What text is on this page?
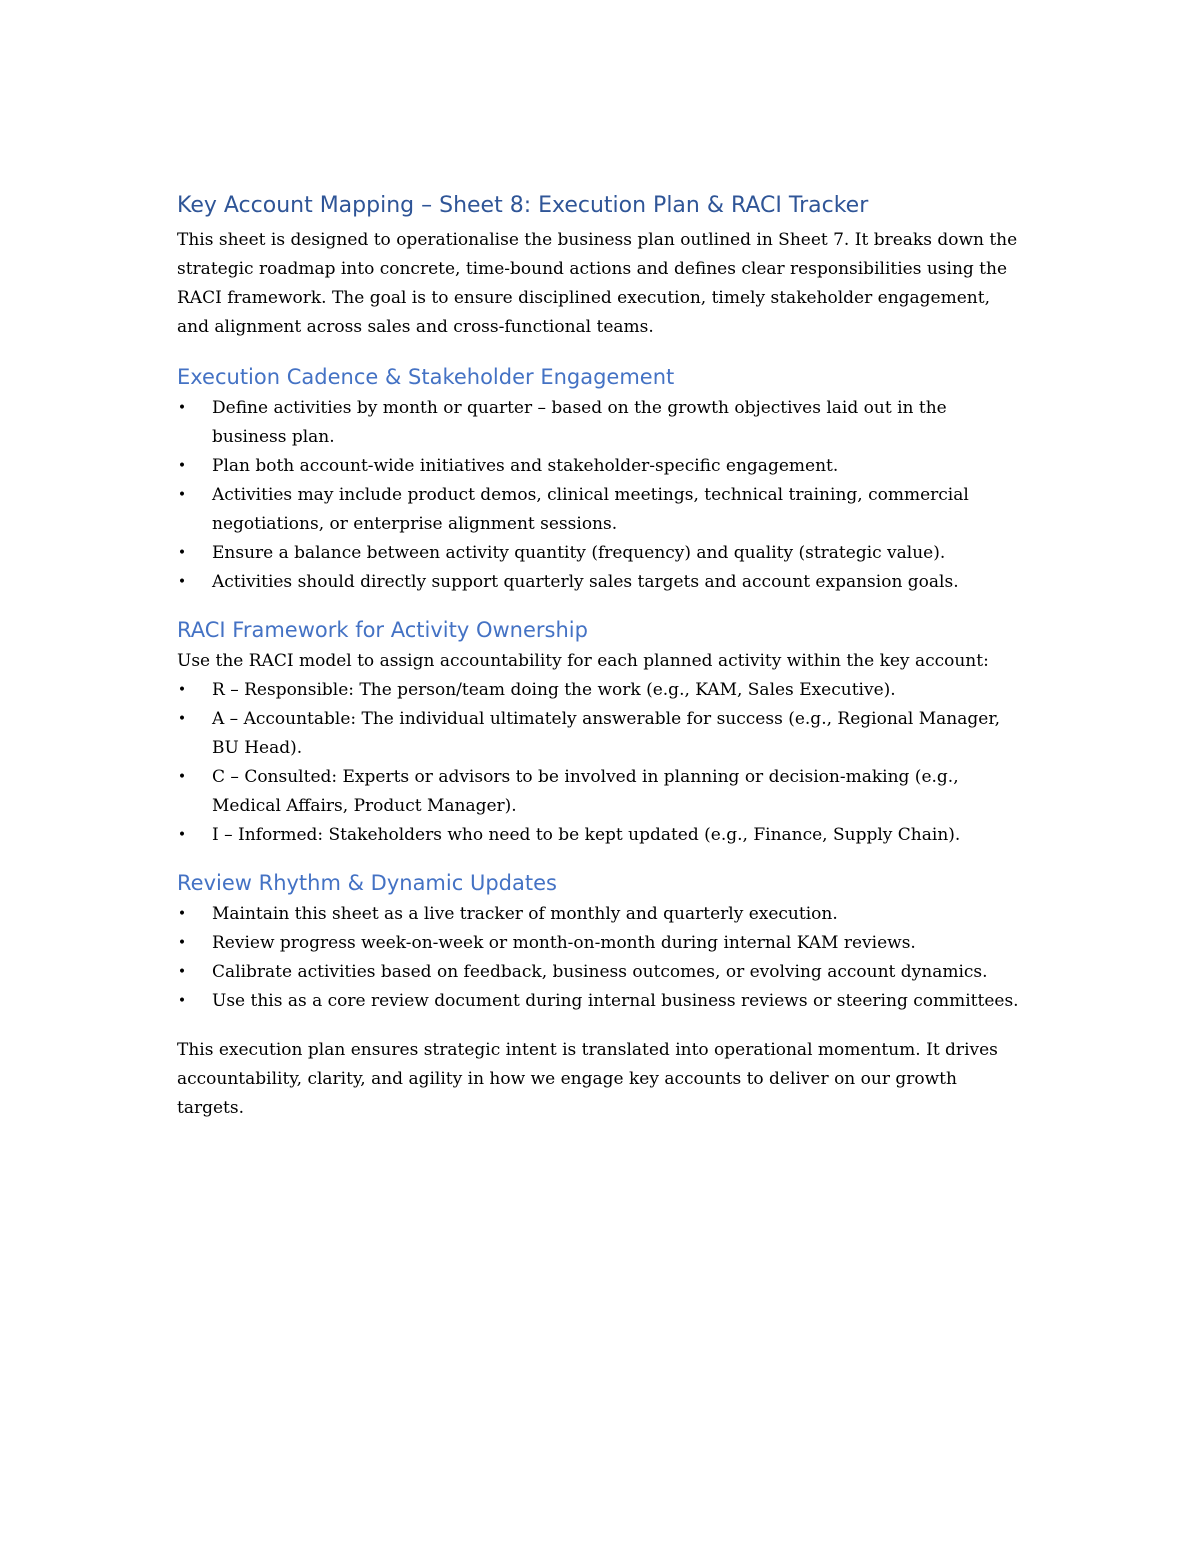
Key Account Mapping – Sheet 8: Execution Plan & RACI Tracker

This sheet is designed to operationalise the business plan outlined in Sheet 7. It breaks down the strategic roadmap into concrete, time-bound actions and defines clear responsibilities using the RACI framework. The goal is to ensure disciplined execution, timely stakeholder engagement, and alignment across sales and cross-functional teams.

Execution Cadence & Stakeholder Engagement
• Define activities by month or quarter – based on the growth objectives laid out in the business plan.
• Plan both account-wide initiatives and stakeholder-specific engagement.
• Activities may include product demos, clinical meetings, technical training, commercial negotiations, or enterprise alignment sessions.
• Ensure a balance between activity quantity (frequency) and quality (strategic value).
• Activities should directly support quarterly sales targets and account expansion goals.
RACI Framework for Activity Ownership

Use the RACI model to assign accountability for each planned activity within the key account:

• R – Responsible: The person/team doing the work (e.g., KAM, Sales Executive).
• A – Accountable: The individual ultimately answerable for success (e.g., Regional Manager, BU Head).
• C – Consulted: Experts or advisors to be involved in planning or decision-making (e.g., Medical Affairs, Product Manager).
• I – Informed: Stakeholders who need to be kept updated (e.g., Finance, Supply Chain).
Review Rhythm & Dynamic Updates
• Maintain this sheet as a live tracker of monthly and quarterly execution.
• Review progress week-on-week or month-on-month during internal KAM reviews.
• Calibrate activities based on feedback, business outcomes, or evolving account dynamics.
• Use this as a core review document during internal business reviews or steering committees.

This execution plan ensures strategic intent is translated into operational momentum. It drives accountability, clarity, and agility in how we engage key accounts to deliver on our growth targets.
